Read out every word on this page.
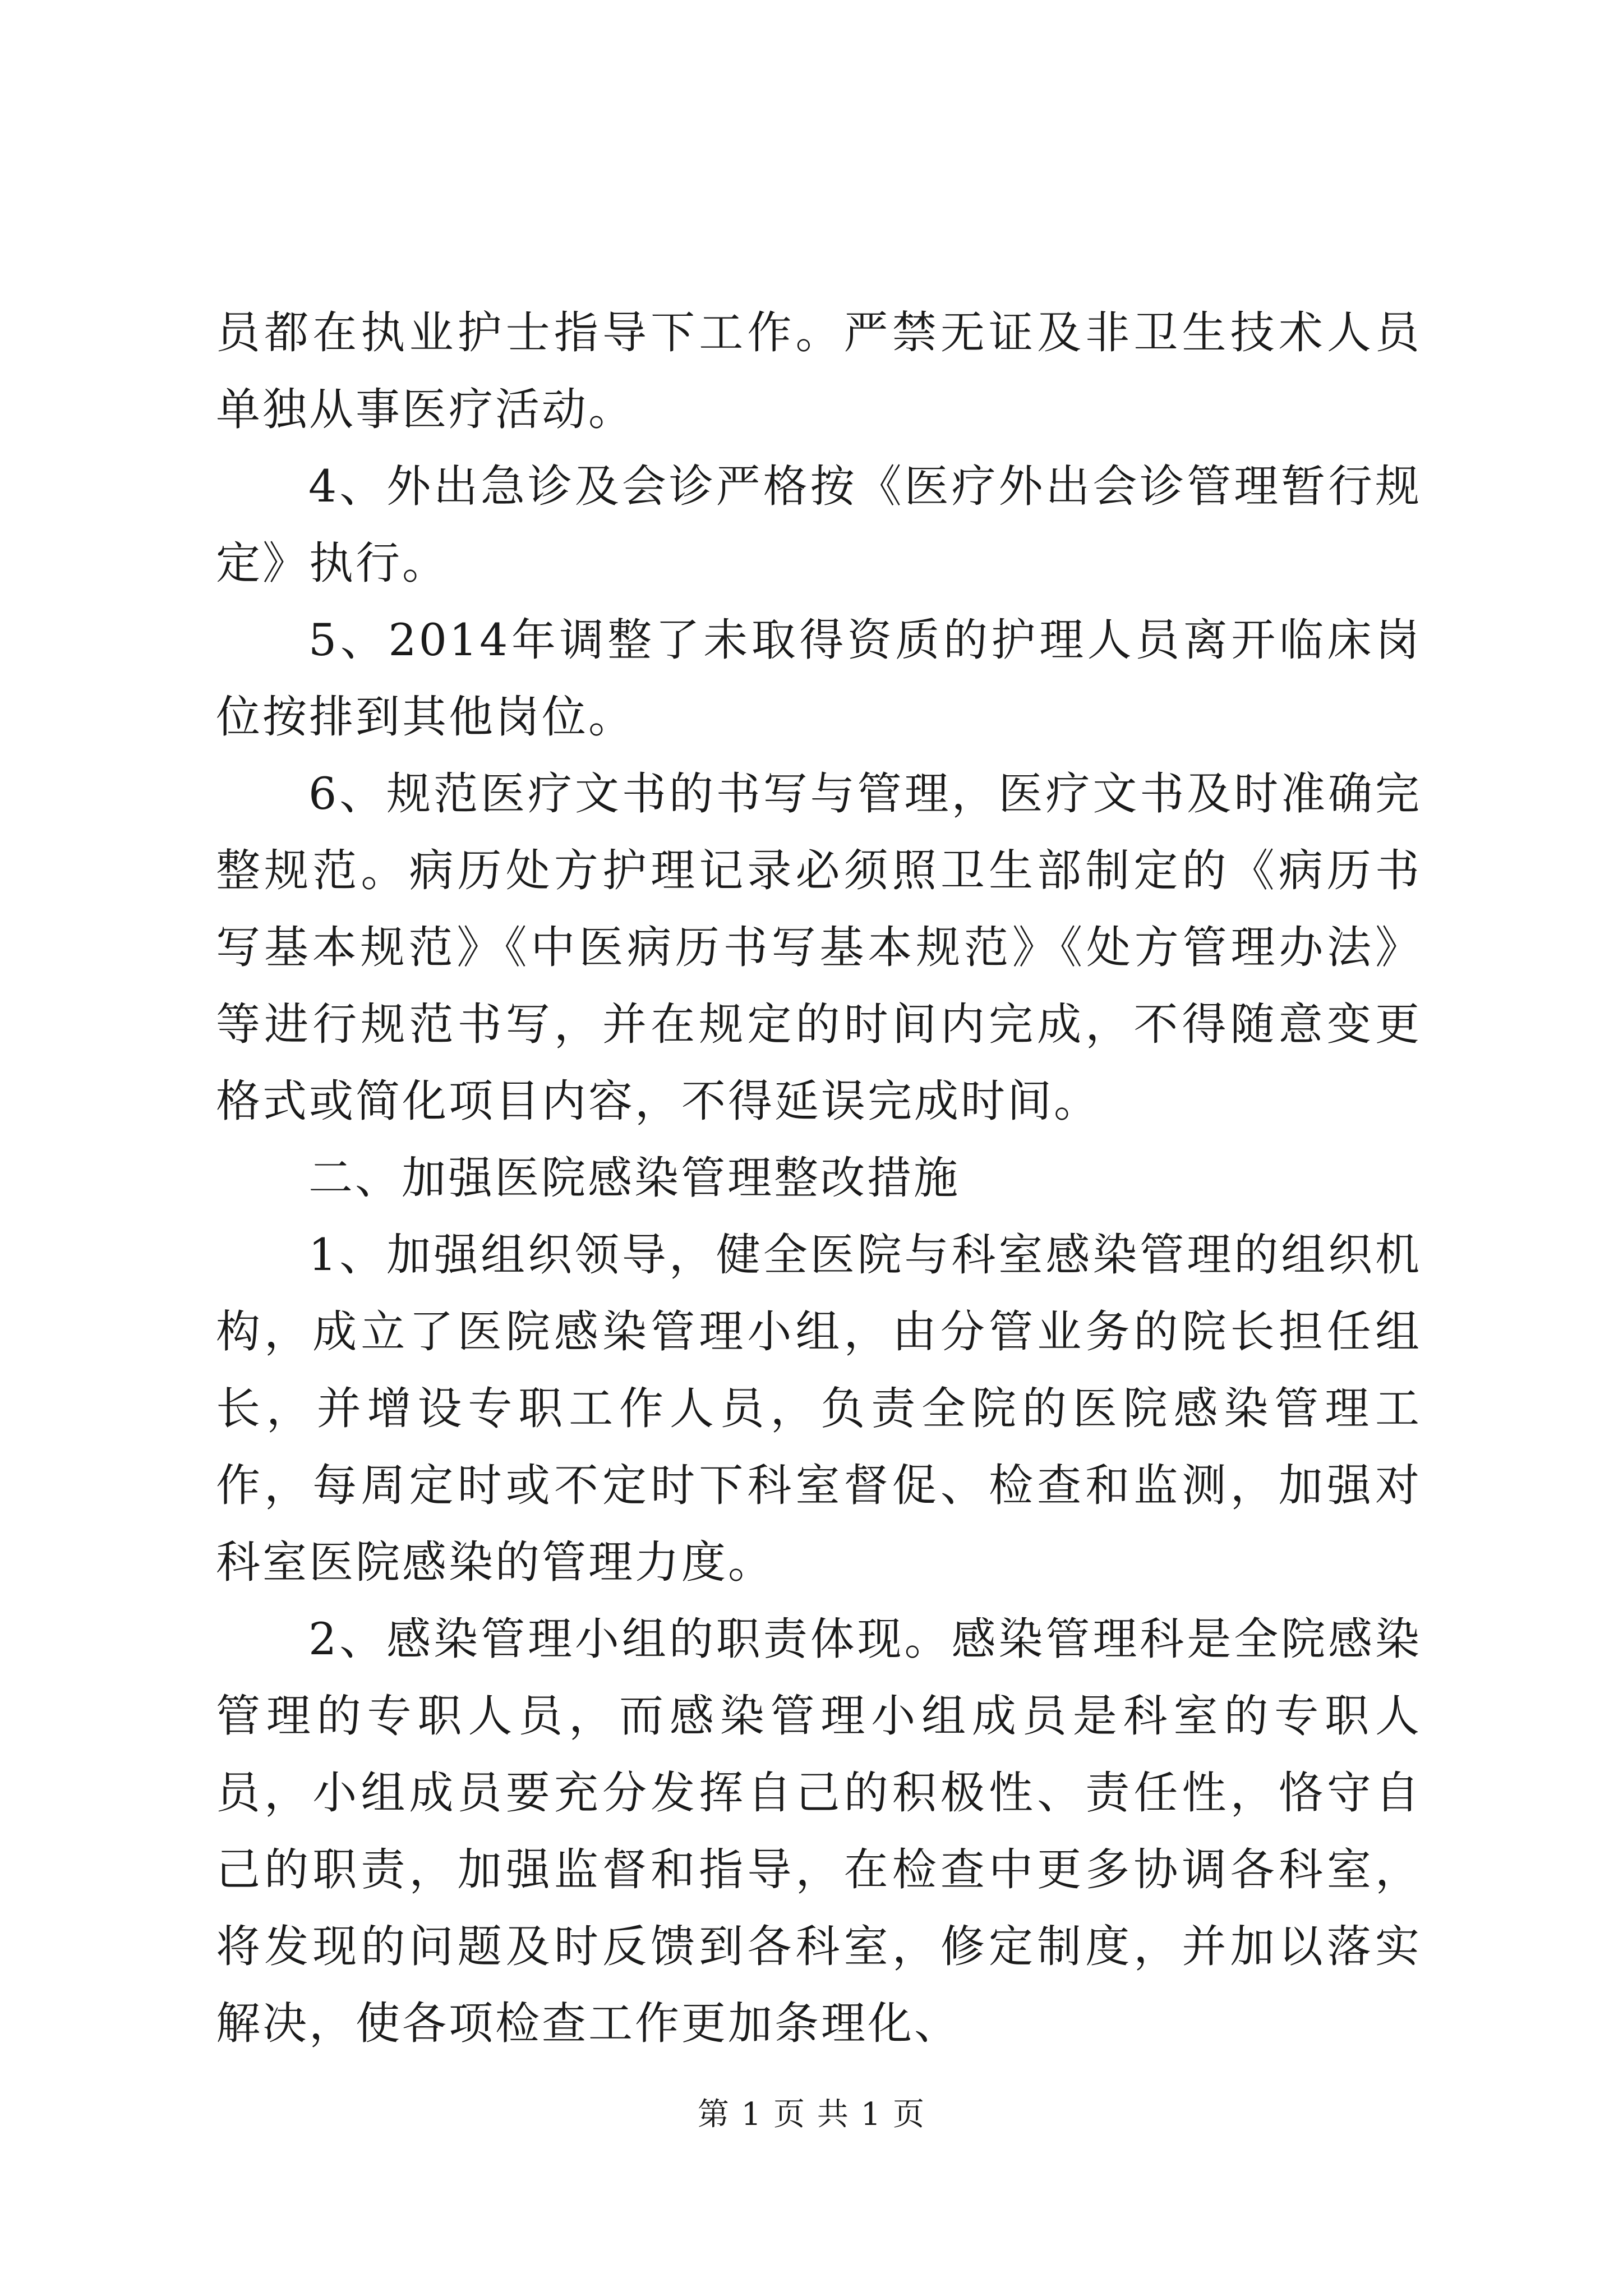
员都在执业护士指导下工作。严禁无证及非卫生技术人员单独从事医疗活动。

4、外出急诊及会诊严格按《医疗外出会诊管理暂行规定》执行。

5、2014年调整了未取得资质的护理人员离开临床岗位按排到其他岗位。

6、规范医疗文书的书写与管理，医疗文书及时准确完整规范。病历处方护理记录必须照卫生部制定的《病历书写基本规范》《中医病历书写基本规范》《处方管理办法》等进行规范书写，并在规定的时间内完成，不得随意变更格式或简化项目内容，不得延误完成时间。

二、加强医院感染管理整改措施

1、加强组织领导，健全医院与科室感染管理的组织机构，成立了医院感染管理小组，由分管业务的院长担任组长，并增设专职工作人员，负责全院的医院感染管理工作，每周定时或不定时下科室督促、检查和监测，加强对科室医院感染的管理力度。

2、感染管理小组的职责体现。感染管理科是全院感染管理的专职人员，而感染管理小组成员是科室的专职人员，小组成员要充分发挥自己的积极性、责任性，恪守自己的职责，加强监督和指导，在检查中更多协调各科室，将发现的问题及时反馈到各科室，修定制度，并加以落实解决，使各项检查工作更加条理化、

第 1 页 共 1 页
